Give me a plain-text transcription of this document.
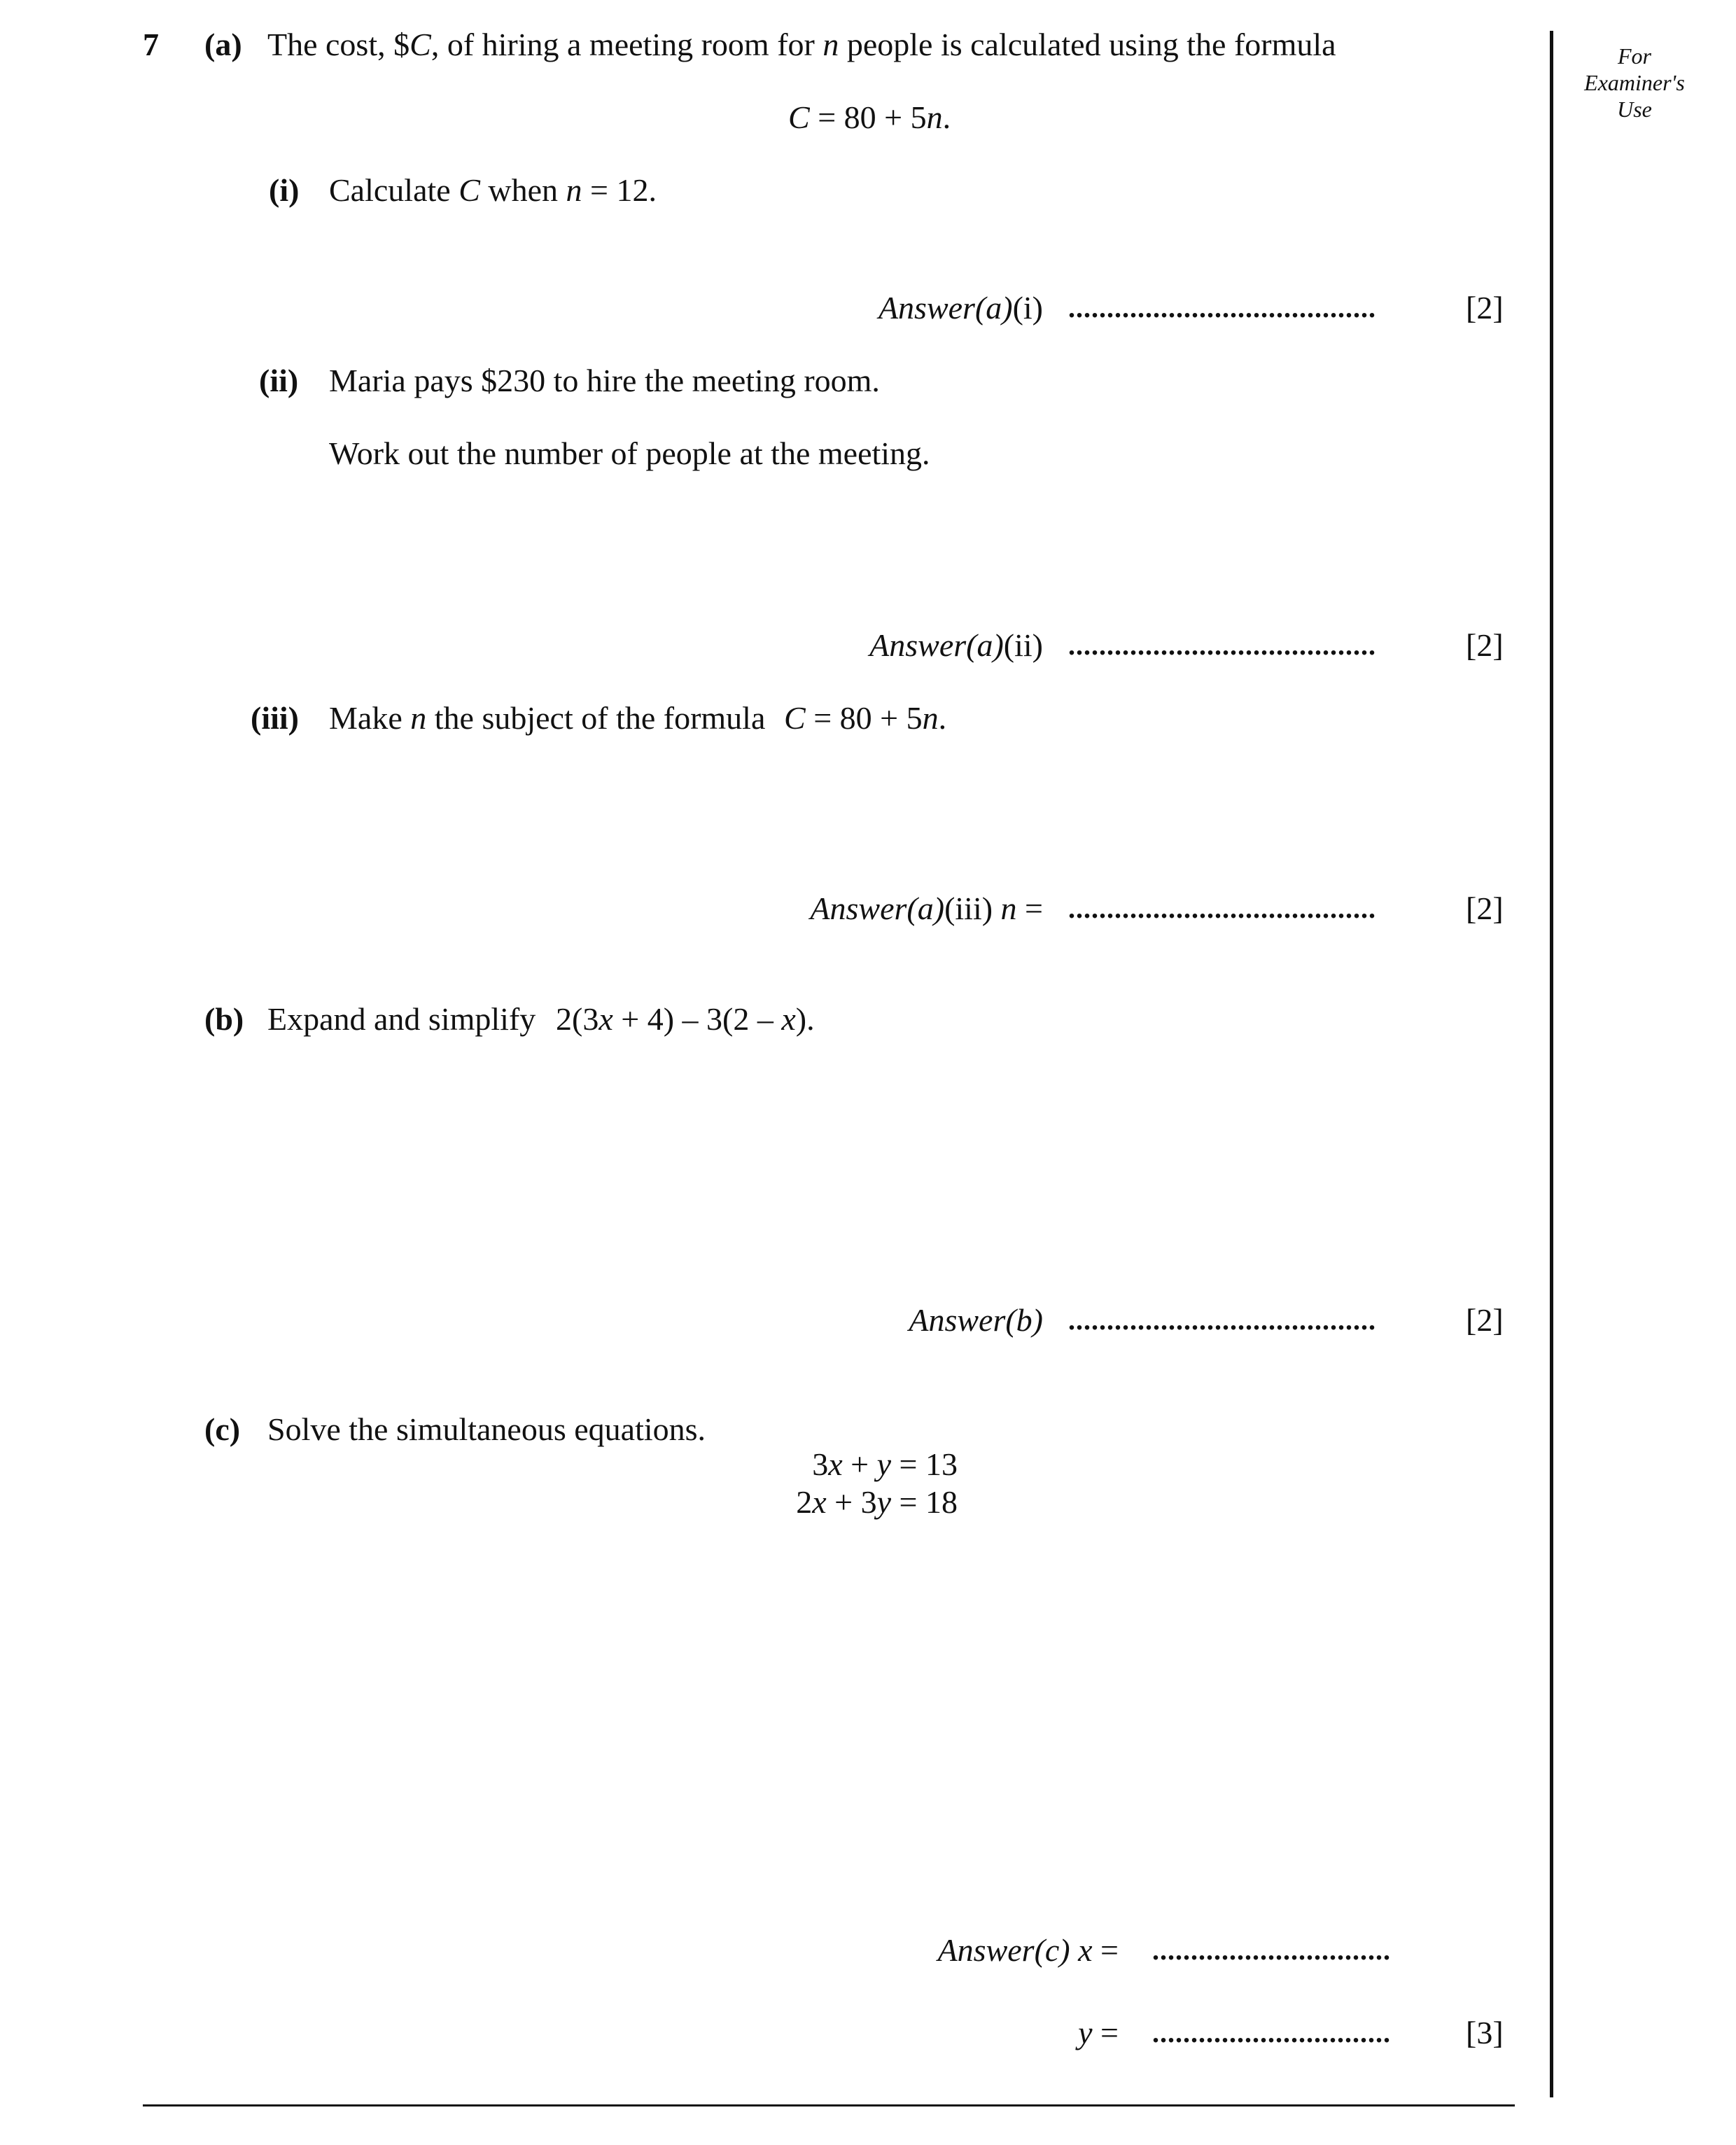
For
Examiner's
Use
7 (a) The cost, $C, of hiring a meeting room for n people is calculated using the formula
C = 80 + 5n.
(i) Calculate C when n = 12.
Answer(a)(i) ........................................	[2]
(ii) Maria pays $230 to hire the meeting room.
Work out the number of people at the meeting.
Answer(a)(ii) ........................................	[2]
(iii) Make n the subject of the formula C = 80 + 5n.
Answer(a)(iii) n = ........................................	[2]
(b) Expand and simplify 2(3x + 4) – 3(2 – x).
Answer(b) ........................................	[2]
(c) Solve the simultaneous equations.
3x + y = 13
2x + 3y = 18
Answer(c) x = ...............................
y = ............................... [3]
